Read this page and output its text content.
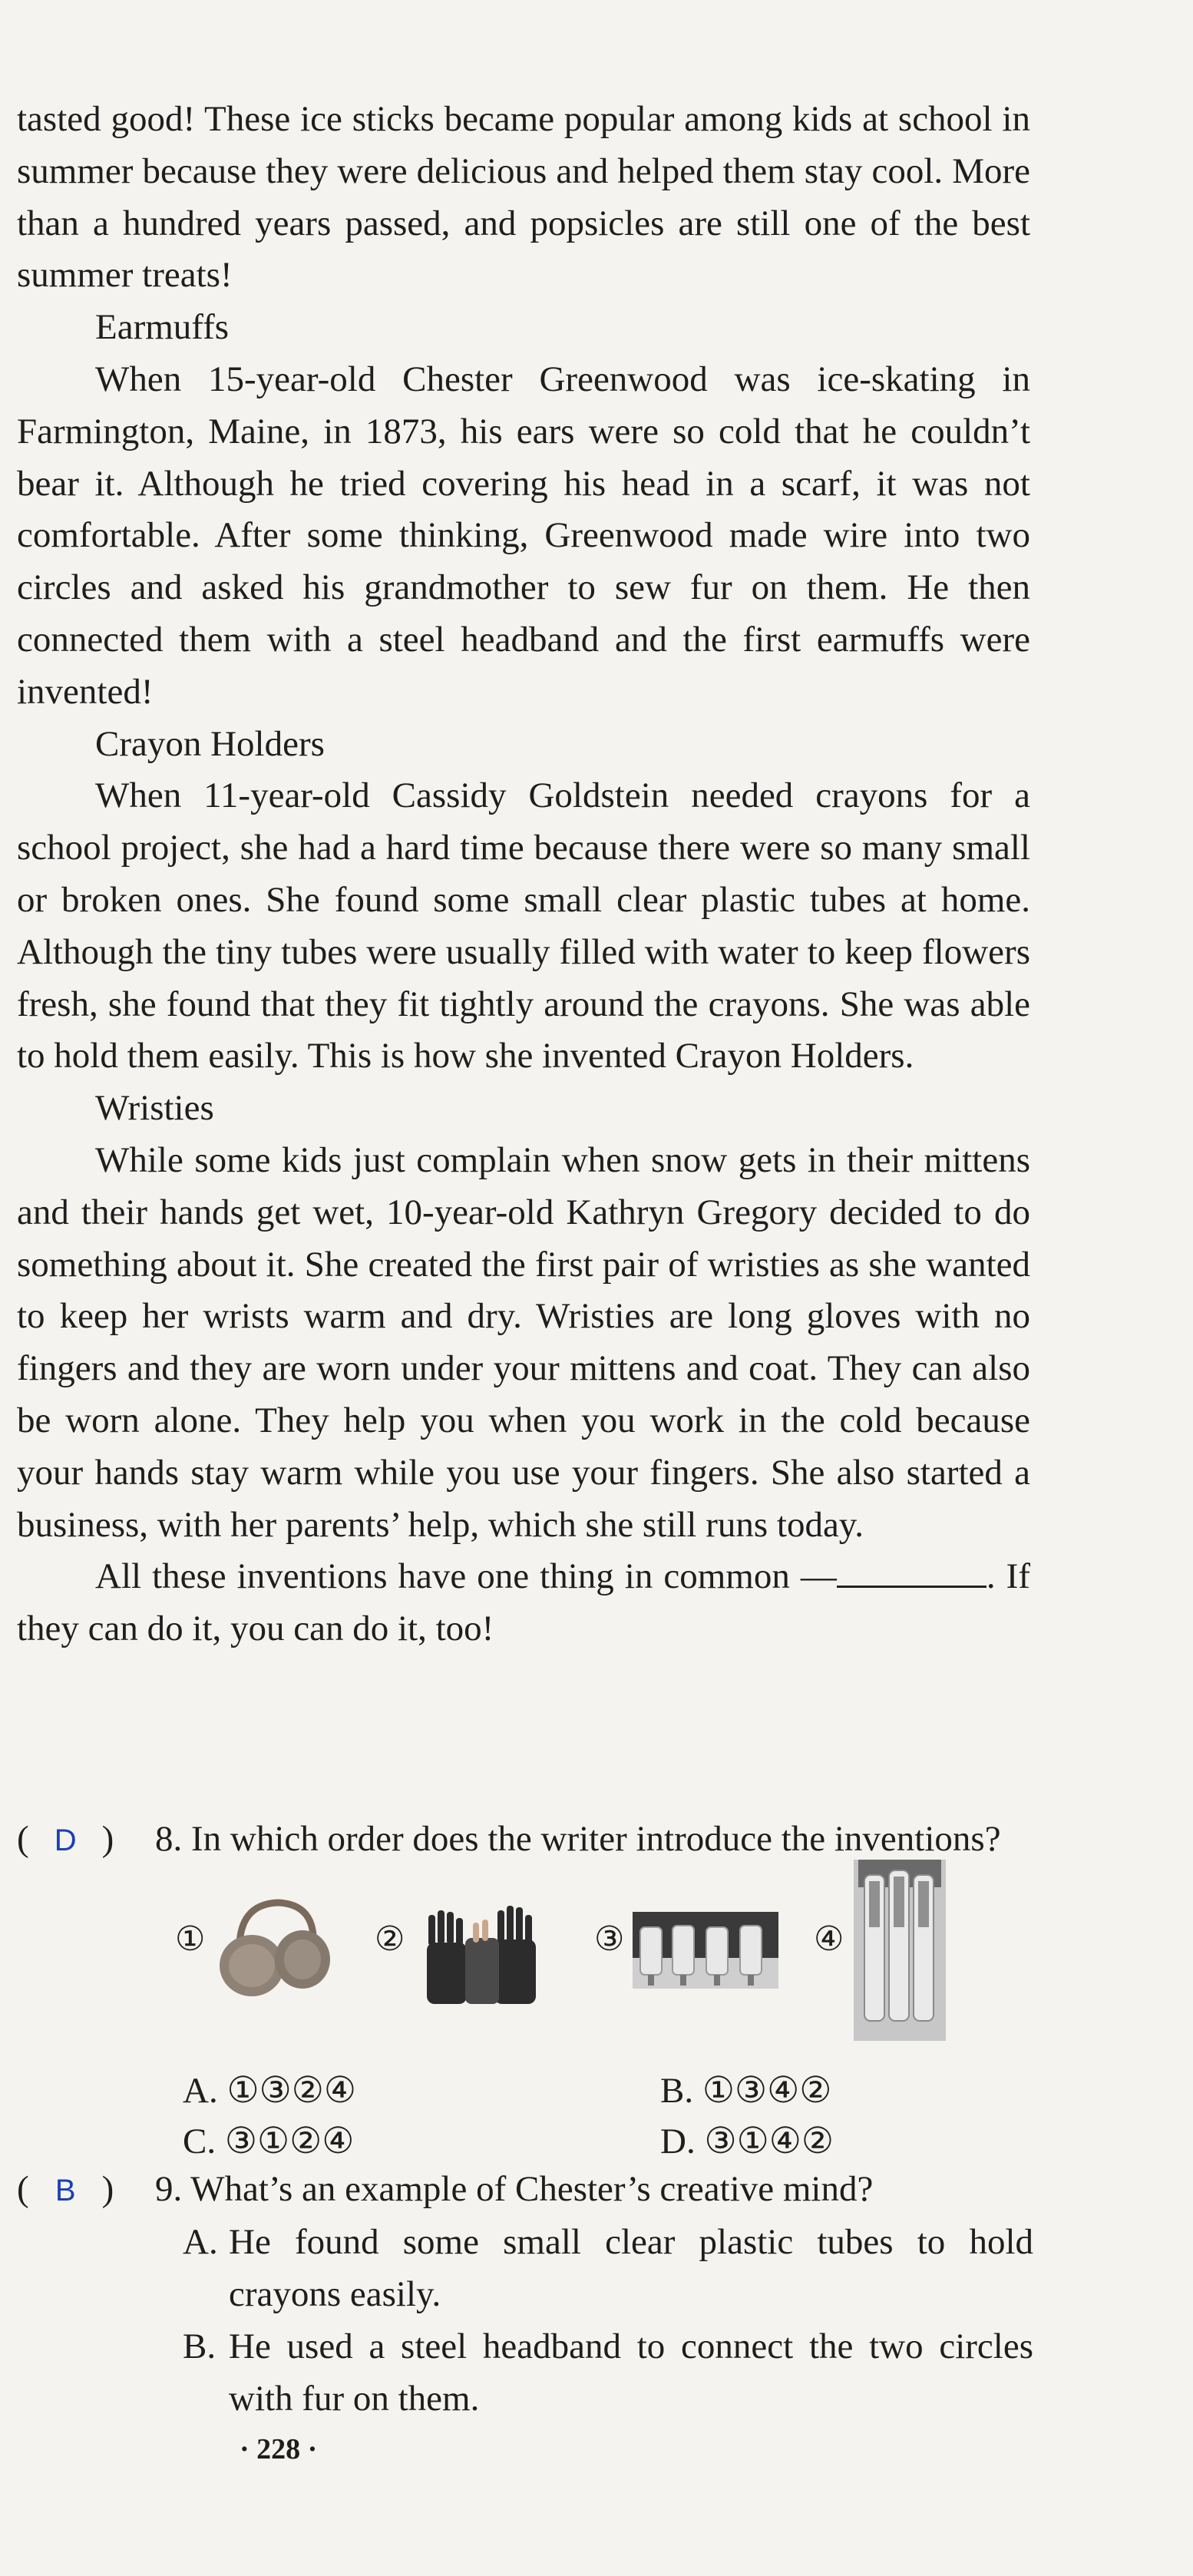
tasted good! These ice sticks became popular among kids at school in summer because they were delicious and helped them stay cool. More than a hundred years passed, and popsicles are still one of the best summer treats!

Earmuffs

When 15-year-old Chester Greenwood was ice-skating in Farmington, Maine, in 1873, his ears were so cold that he couldn’t bear it. Although he tried covering his head in a scarf, it was not comfortable. After some thinking, Greenwood made wire into two circles and asked his grandmother to sew fur on them. He then connected them with a steel headband and the first earmuffs were invented!

Crayon Holders

When 11-year-old Cassidy Goldstein needed crayons for a school project, she had a hard time because there were so many small or broken ones. She found some small clear plastic tubes at home. Although the tiny tubes were usually filled with water to keep flowers fresh, she found that they fit tightly around the crayons. She was able to hold them easily. This is how she invented Crayon Holders.

Wristies

While some kids just complain when snow gets in their mittens and their hands get wet, 10-year-old Kathryn Gregory decided to do something about it. She created the first pair of wristies as she wanted to keep her wrists warm and dry. Wristies are long gloves with no fingers and they are worn under your mittens and coat. They can also be worn alone. They help you when you work in the cold because your hands stay warm while you use your fingers. She also started a business, with her parents’ help, which she still runs today.

All these inventions have one thing in common —	. If they can do it, you can do it, too!

( D ) 8. In which order does the writer introduce the inventions?
①	②	③	④
A. ①③②④	B. ①③④②
C. ③①②④	D. ③①④②
( B ) 9. What’s an example of Chester’s creative mind?
A. He found some small clear plastic tubes to hold crayons easily.
B. He used a steel headband to connect the two circles with fur on them.
· 228 ·
